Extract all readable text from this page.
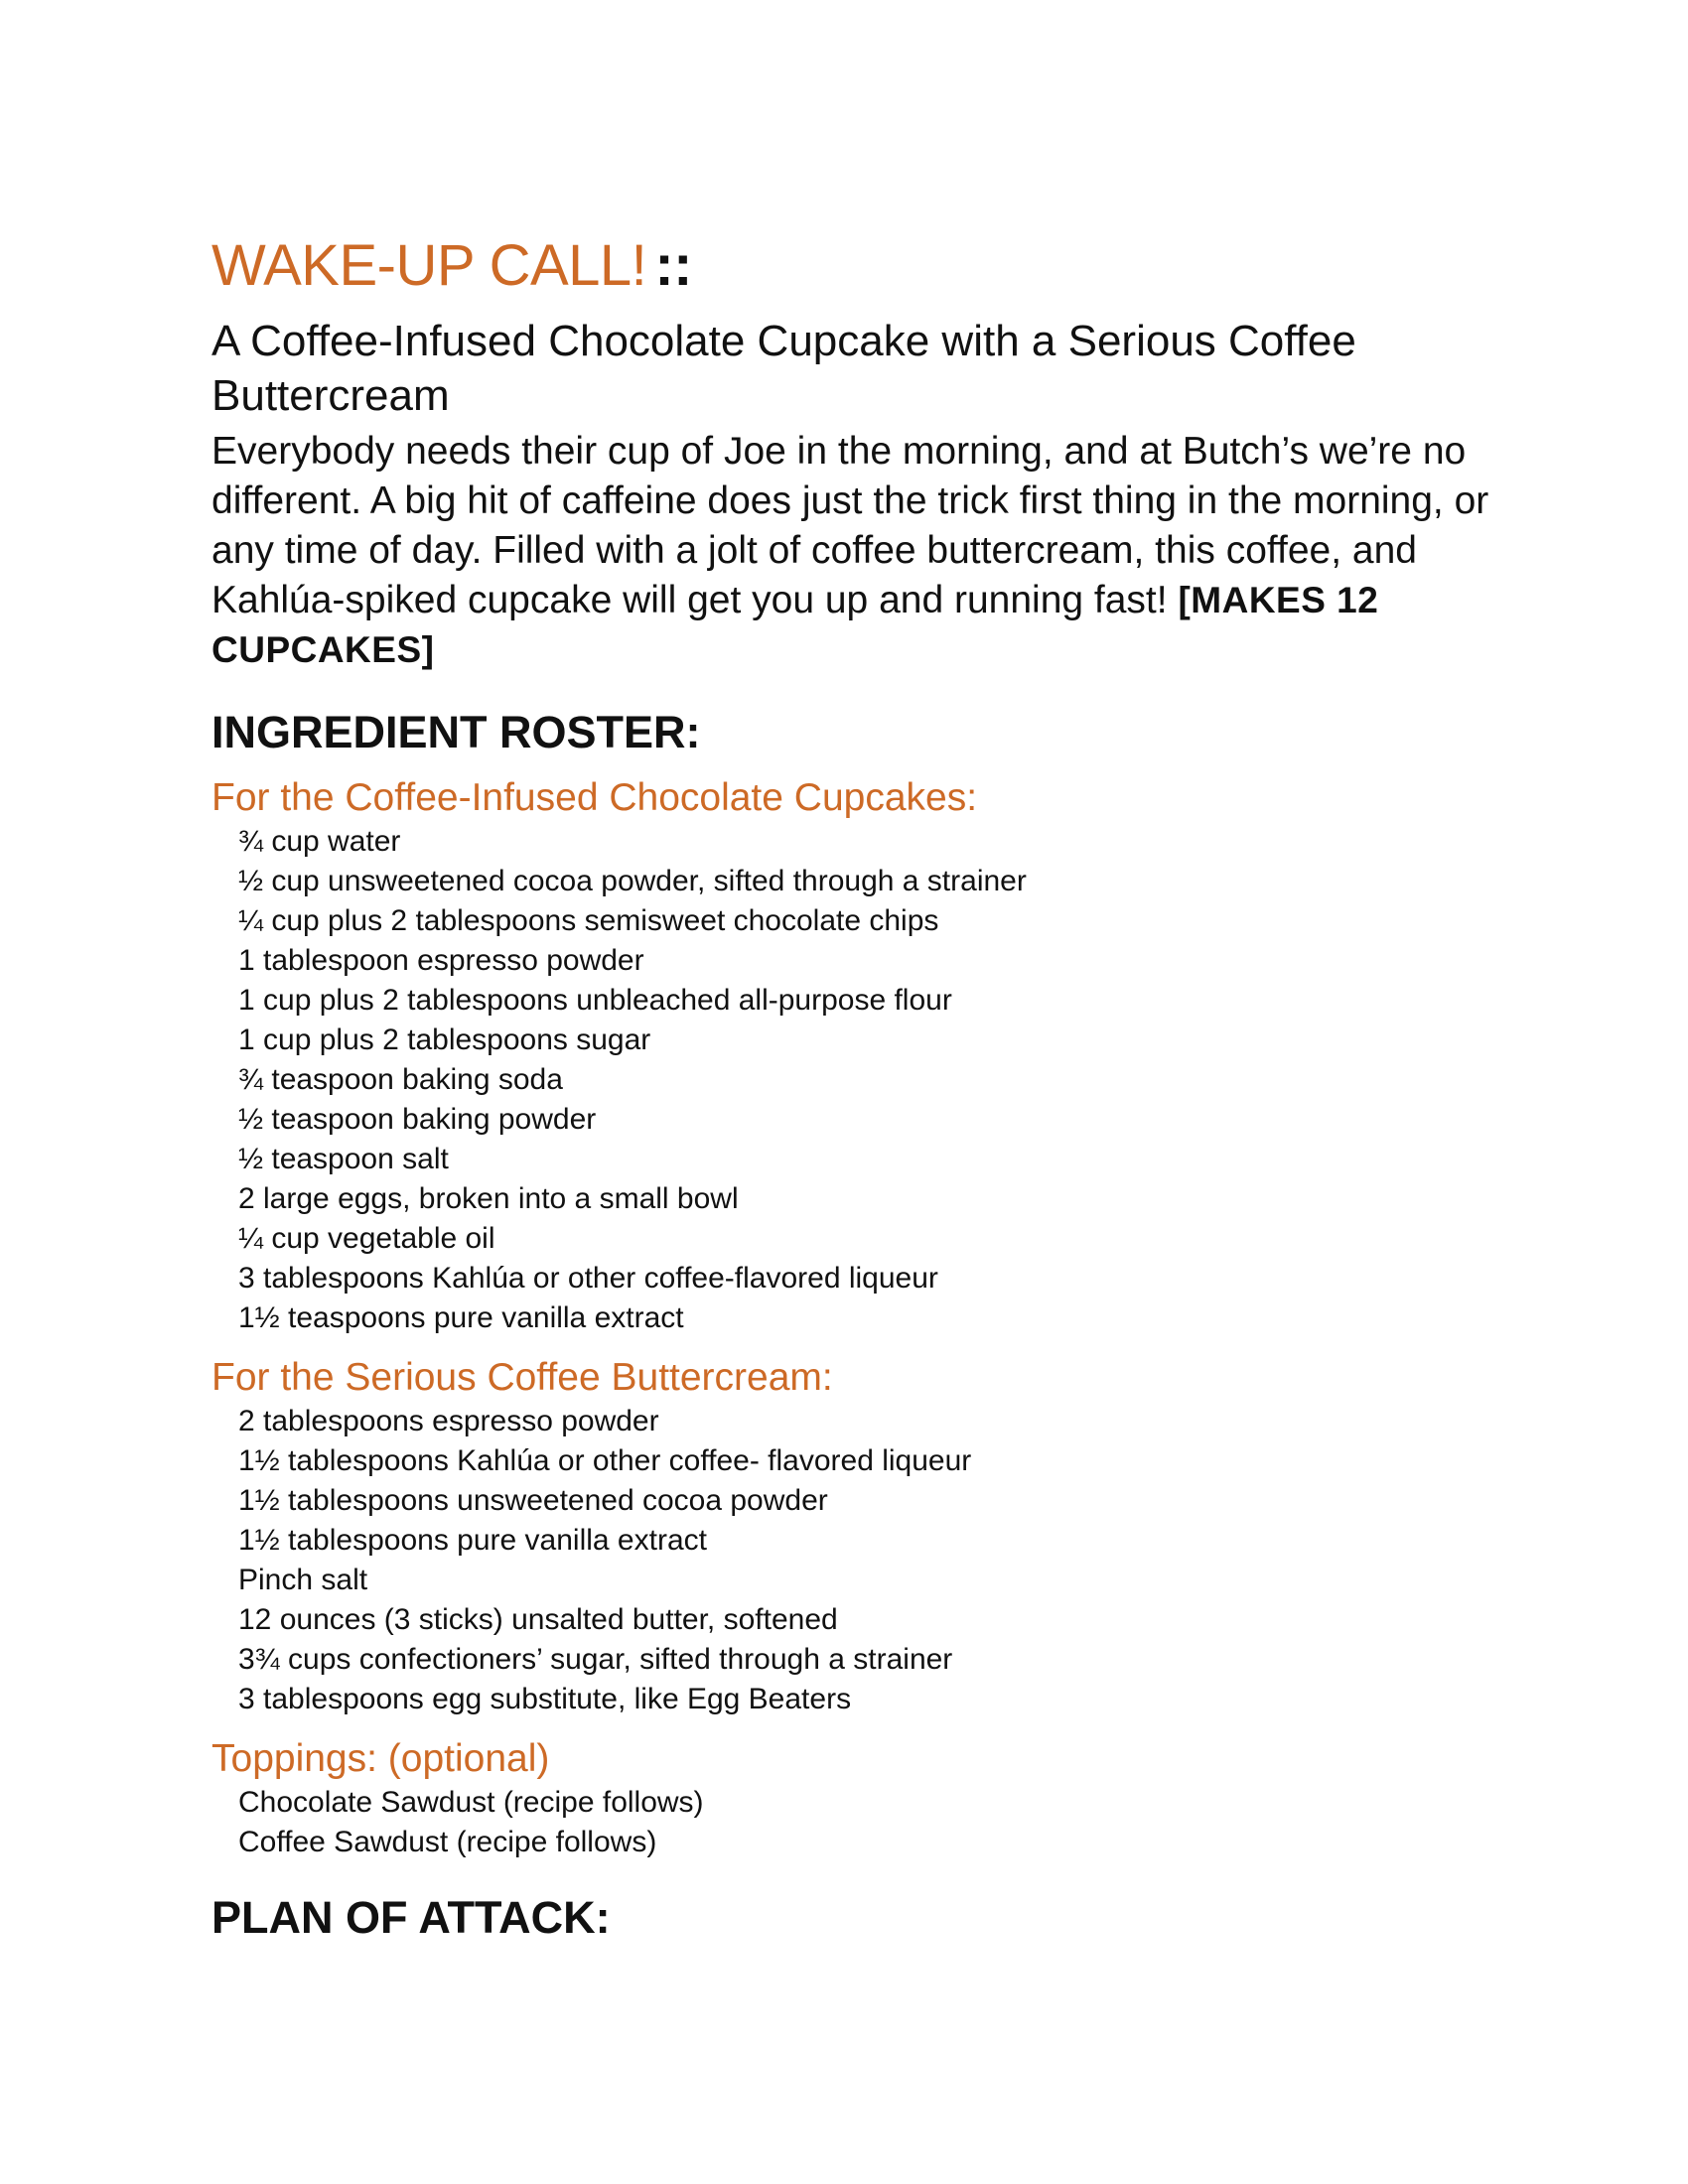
WAKE-UP CALL! ::
A Coffee-Infused Chocolate Cupcake with a Serious Coffee Buttercream

Everybody needs their cup of Joe in the morning, and at Butch’s we’re no different. A big hit of caffeine does just the trick first thing in the morning, or any time of day. Filled with a jolt of coffee buttercream, this coffee, and Kahlúa-spiked cupcake will get you up and running fast! [MAKES 12 CUPCAKES]

INGREDIENT ROSTER:
For the Coffee-Infused Chocolate Cupcakes:
¾ cup water
½ cup unsweetened cocoa powder, sifted through a strainer
¼ cup plus 2 tablespoons semisweet chocolate chips
1 tablespoon espresso powder
1 cup plus 2 tablespoons unbleached all-purpose flour
1 cup plus 2 tablespoons sugar
¾ teaspoon baking soda
½ teaspoon baking powder
½ teaspoon salt
2 large eggs, broken into a small bowl
¼ cup vegetable oil
3 tablespoons Kahlúa or other coffee-flavored liqueur
1½ teaspoons pure vanilla extract
For the Serious Coffee Buttercream:
2 tablespoons espresso powder
1½ tablespoons Kahlúa or other coffee- flavored liqueur
1½ tablespoons unsweetened cocoa powder
1½ tablespoons pure vanilla extract
Pinch salt
12 ounces (3 sticks) unsalted butter, softened
3¾ cups confectioners’ sugar, sifted through a strainer
3 tablespoons egg substitute, like Egg Beaters
Toppings: (optional)
Chocolate Sawdust (recipe follows)
Coffee Sawdust (recipe follows)
PLAN OF ATTACK:
